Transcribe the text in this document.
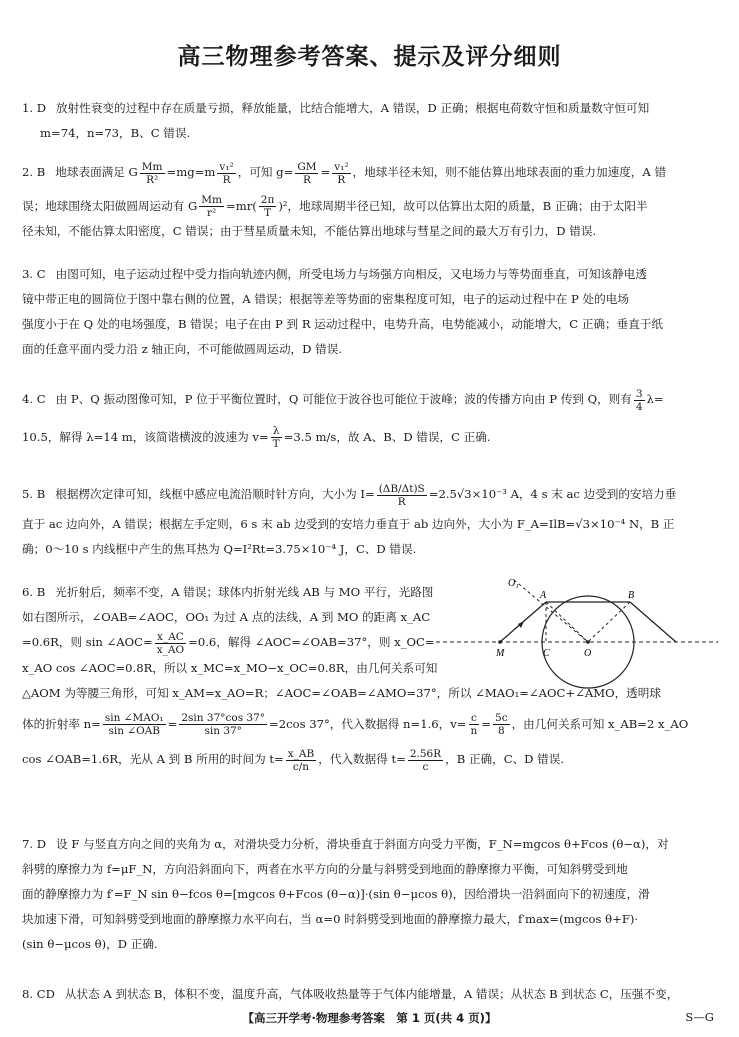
高三物理参考答案、提示及评分细则
1. D 放射性衰变的过程中存在质量亏损，释放能量，比结合能增大，A 错误，D 正确；根据电荷数守恒和质量数守恒可知
m=74，n=73，B、C 错误.
2. B 地球表面满足 G $\frac{Mm}{\text{R²}} =mg=m \frac{\text{v₁²}}{R}$ ，可知 $g= \frac{GM}{R} = \frac{\text{v₁²}}{R}$ ，地球半径未知，则不能估算出地球表面的重力加速度，A 错
误；地球围绕太阳做圆周运动有 G $\frac{Mm}{\text{r²}} =mr( \frac{2\pi}{T} )^2$，地球周期半径已知，故可以估算出太阳的质量，B 正确；由于太阳半
径未知，不能估算太阳密度，C 错误；由于彗星质量未知，不能估算出地球与彗星之间的最大万有引力，D 错误.
3. C 由图可知，电子运动过程中受力指向轨迹内侧，所受电场力与场强方向相反，又电场力与等势面垂直，可知该静电透
镜中带正电的圆筒位于图中靠右侧的位置，A 错误；根据等差等势面的密集程度可知，电子的运动过程中在 P 处的电场
强度小于在 Q 处的电场强度，B 错误；电子在由 P 到 R 运动过程中，电势升高，电势能减小，动能增大，C 正确；垂直于纸
面的任意平面内受力沿 z 轴正向，不可能做圆周运动，D 错误.
4. C 由 P、Q 振动图像可知，P 位于平衡位置时，Q 可能位于波谷也可能位于波峰；波的传播方向由 P 传到 Q，则有 $\frac{3}{4} \lambda=$
10.5，解得 λ=14 m，该简谐横波的波速为 $v= \frac{\lambda}{T} =3.5$ m/s，故 A、B、D 错误，C 正确.
5. B 根据楞次定律可知，线框中感应电流沿顺时针方向，大小为 $I= \frac{(\Delta B/\Delta t)S}{R} =2.5√3\times 10^{-3}$ A，4 s 末 ac 边受到的安培力垂
直于 ac 边向外，A 错误；根据左手定则，6 s 末 ab 边受到的安培力垂直于 ab 边向外，大小为 F_A=IlB=√3×10⁻⁴ N，B 正
确；0～10 s 内线框中产生的焦耳热为 Q=I²Rt=3.75×10⁻⁴ J，C、D 错误.
6. B 光折射后，频率不变，A 错误；球体内折射光线 AB 与 MO 平行，光路图
如右图所示，∠OAB=∠AOC，OO₁ 为过 A 点的法线，A 到 MO 的距离 x_AC
=0.6R，则 sin ∠AOC= $\frac{x\_AC}{x\_AO} =0.6$，解得 ∠AOC=∠OAB=37°，则 x_OC=
x_AO cos ∠AOC=0.8R，所以 x_MC=x_MO−x_OC=0.8R，由几何关系可知
△AOM 为等腰三角形，可知 x_AM=x_AO=R；∠AOC=∠OAB=∠AMO=37°，所以 ∠MAO₁=∠AOC+∠AMO，透明球
体的折射率 $n= \frac{\text{sin ∠MAO₁}}{\text{sin ∠OAB}} = \frac{2\sin 37^\circ\cos 37^\circ}{\sin 37^\circ} =2\cos$ 37°，代入数据得 n=1.6，$v= \frac{c}{n} = \frac{5c}{8}$ ，由几何关系可知 x_AB=2 x_AO
cos ∠OAB=1.6R，光从 A 到 B 所用的时间为 $t= \frac{x\_AB}{c/n}$ ，代入数据得 $t= \frac{2.56R}{c}$ ，B 正确，C、D 错误.
O₁
A	B
M	C	O
7. D 设 F 与竖直方向之间的夹角为 α，对滑块受力分析，滑块垂直于斜面方向受力平衡，F_N=mgcos θ+Fcos (θ−α)，对
斜劈的摩擦力为 f=μF_N，方向沿斜面向下，两者在水平方向的分量与斜劈受到地面的静摩擦力平衡，可知斜劈受到地
面的静摩擦力为 f′=F_N sin θ−fcos θ=[mgcos θ+Fcos (θ−α)]·(sin θ−μcos θ)，因给滑块一沿斜面向下的初速度，滑
块加速下滑，可知斜劈受到地面的静摩擦力水平向右，当 α=0 时斜劈受到地面的静摩擦力最大，f′max=(mgcos θ+F)·
(sin θ−μcos θ)，D 正确.
8. CD 从状态 A 到状态 B，体积不变，温度升高，气体吸收热量等于气体内能增量，A 错误；从状态 B 到状态 C，压强不变，
【高三开学考·物理参考答案　第 1 页(共 4 页)】	S—G
